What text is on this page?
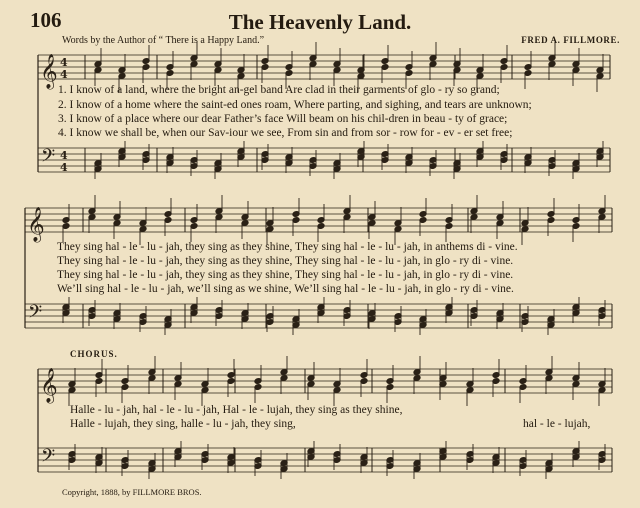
106	The Heavenly Land.
Words by the Author of “ There is a Happy Land.”	FRED A. FILLMORE.
𝄞
𝄢
4
4
4
4
𝄞
𝄢
𝄞
𝄢
1. I know of a land, where the bright an-gel band Are clad in their garments of glo - ry so grand;
2. I know of a home where the saint-ed ones roam, Where parting, and sighing, and tears are unknown;
3. I know of a place where our dear Father’s face Will beam on his chil-dren in beau - ty of grace;
4. I know we shall be, when our Sav-iour we see, From sin and from sor - row for - ev - er set free;
They sing hal - le - lu - jah, they sing as they shine, They sing hal - le - lu - jah, in anthems di - vine.
They sing hal - le - lu - jah, they sing as they shine, They sing hal - le - lu - jah, in glo - ry di - vine.
They sing hal - le - lu - jah, they sing as they shine, They sing hal - le - lu - jah, in glo - ry di - vine.
We’ll sing hal - le - lu - jah, we’ll sing as we shine, We’ll sing hal - le - lu - jah, in glo - ry di - vine.
CHORUS.
Halle - lu - jah, hal - le - lu - jah, Hal - le - lujah, they sing as they shine,
Halle - lujah, they sing, halle - lu - jah, they sing,	hal - le - lujah,
Copyright, 1888, by FILLMORE BROS.
